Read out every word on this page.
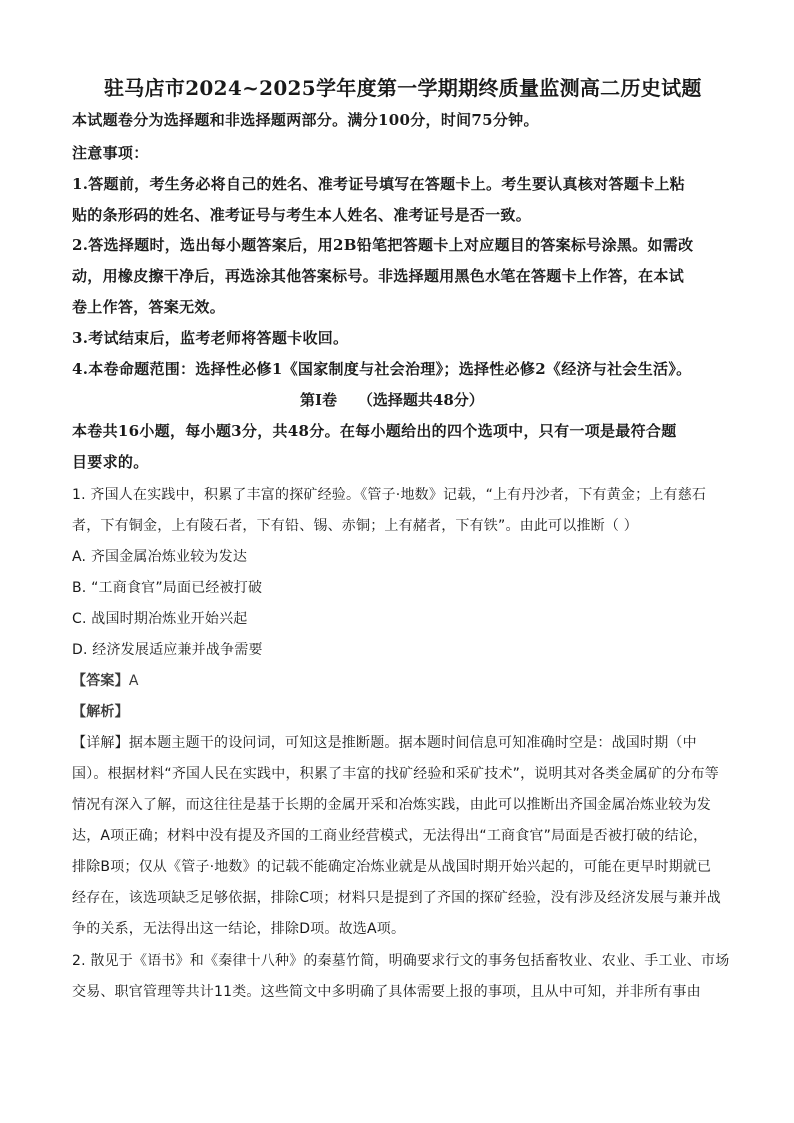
驻马店市2024~2025学年度第一学期期终质量监测高二历史试题
本试题卷分为选择题和非选择题两部分。满分100分，时间75分钟。
注意事项：
1.答题前，考生务必将自己的姓名、准考证号填写在答题卡上。考生要认真核对答题卡上粘
贴的条形码的姓名、准考证号与考生本人姓名、准考证号是否一致。
2.答选择题时，选出每小题答案后，用2B铅笔把答题卡上对应题目的答案标号涂黑。如需改
动，用橡皮擦干净后，再选涂其他答案标号。非选择题用黑色水笔在答题卡上作答，在本试
卷上作答，答案无效。
3.考试结束后，监考老师将答题卡收回。
4.本卷命题范围：选择性必修1《国家制度与社会治理》；选择性必修2《经济与社会生活》。
第Ⅰ卷    （选择题共48分）
本卷共16小题，每小题3分，共48分。在每小题给出的四个选项中，只有一项是最符合题
目要求的。
1. 齐国人在实践中，积累了丰富的探矿经验。《管子·地数》记载，“上有丹沙者，下有黄金；上有慈石
者，下有铜金，上有陵石者，下有铅、锡、赤铜；上有赭者，下有铁”。由此可以推断（ ）
A. 齐国金属冶炼业较为发达
B. “工商食官”局面已经被打破
C. 战国时期冶炼业开始兴起
D. 经济发展适应兼并战争需要
【答案】A
【解析】
【详解】据本题主题干的设问词，可知这是推断题。据本题时间信息可知准确时空是：战国时期（中
国）。根据材料“齐国人民在实践中，积累了丰富的找矿经验和采矿技术”，说明其对各类金属矿的分布等
情况有深入了解，而这往往是基于长期的金属开采和冶炼实践，由此可以推断出齐国金属冶炼业较为发
达，A项正确；材料中没有提及齐国的工商业经营模式，无法得出“工商食官”局面是否被打破的结论，
排除B项；仅从《管子·地数》的记载不能确定冶炼业就是从战国时期开始兴起的，可能在更早时期就已
经存在，该选项缺乏足够依据，排除C项；材料只是提到了齐国的探矿经验，没有涉及经济发展与兼并战
争的关系，无法得出这一结论，排除D项。故选A项。
2. 散见于《语书》和《秦律十八种》的秦墓竹简，明确要求行文的事务包括畜牧业、农业、手工业、市场
交易、职官管理等共计11类。这些简文中多明确了具体需要上报的事项，且从中可知，并非所有事由
